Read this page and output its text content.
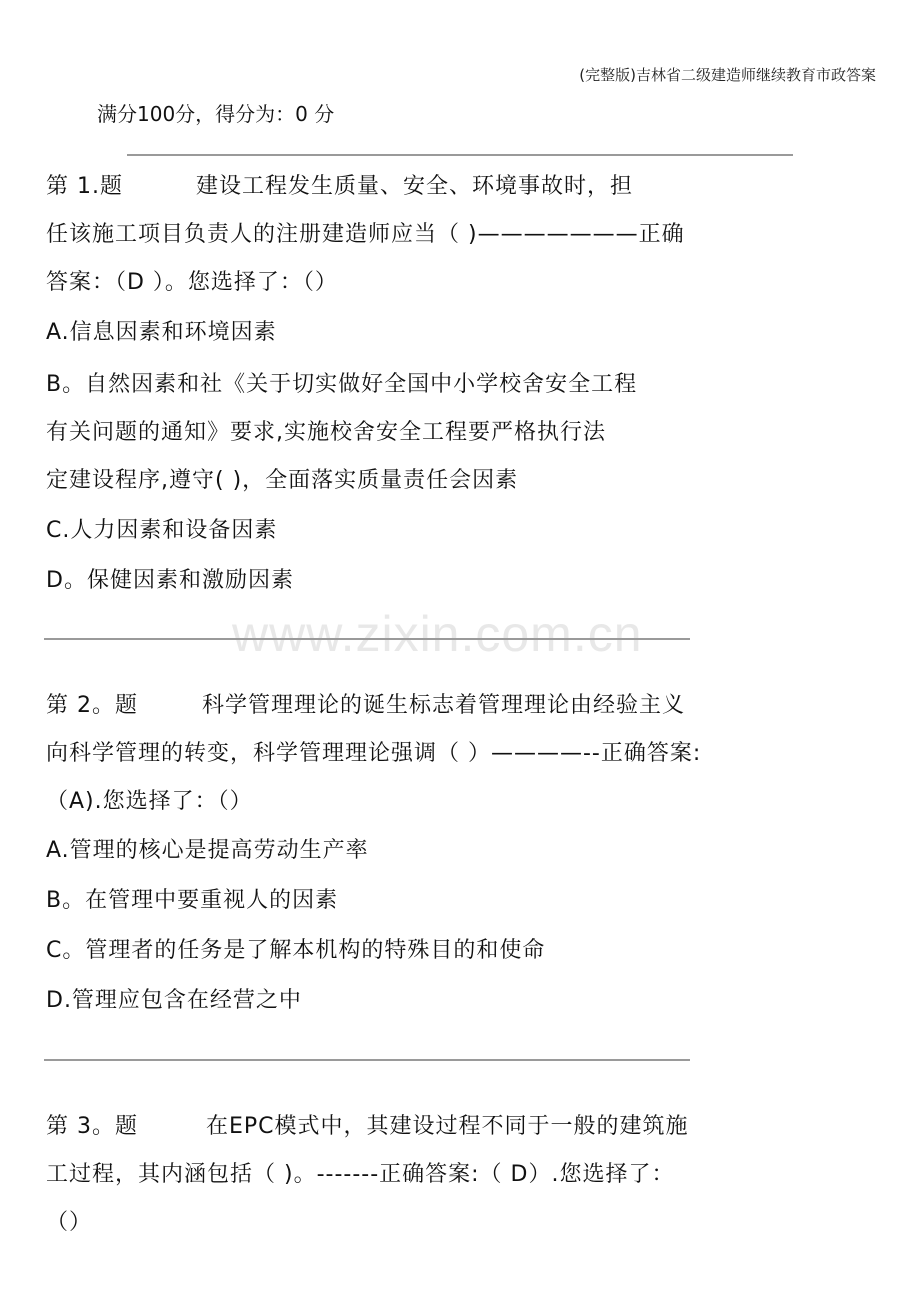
(完整版)吉林省二级建造师继续教育市政答案
满分100分，得分为：0 分
第 1.题	建设工程发生质量、安全、环境事故时，担
任该施工项目负责人的注册建造师应当（ )———————正确
答案：（D ）。您选择了：（）
A.信息因素和环境因素
B。自然因素和社《关于切实做好全国中小学校舍安全工程
有关问题的通知》要求,实施校舍安全工程要严格执行法
定建设程序,遵守( )，全面落实质量责任会因素
C.人力因素和设备因素
D。保健因素和激励因素
www.zixin.com.cn
第 2。题	科学管理理论的诞生标志着管理理论由经验主义
向科学管理的转变，科学管理理论强调（ ）————--正确答案:
（A).您选择了：（）
A.管理的核心是提高劳动生产率
B。在管理中要重视人的因素
C。管理者的任务是了解本机构的特殊目的和使命
D.管理应包含在经营之中
第 3。题	在EPC模式中，其建设过程不同于一般的建筑施
工过程，其内涵包括（ )。-------正确答案:（ D）.您选择了：
（）
